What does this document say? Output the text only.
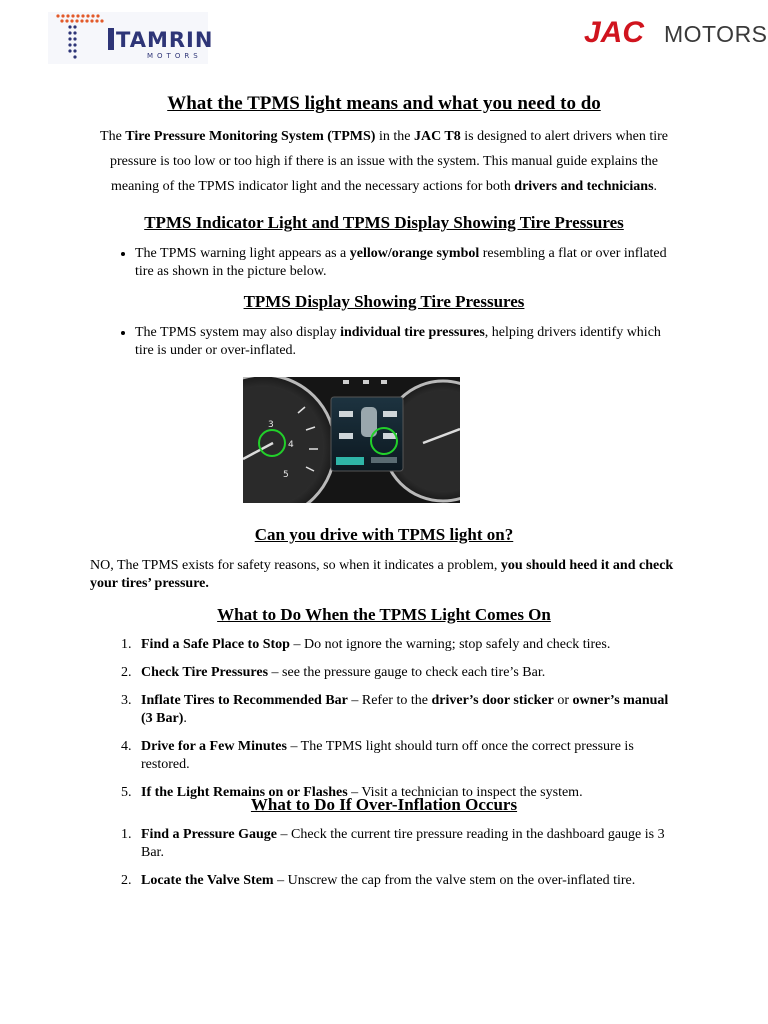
TAMRIN
MOTORS
JAC MOTORS
What the TPMS light means and what you need to do

The Tire Pressure Monitoring System (TPMS) in the JAC T8 is designed to alert drivers when tire pressure is too low or too high if there is an issue with the system. This manual guide explains the meaning of the TPMS indicator light and the necessary actions for both drivers and technicians.

TPMS Indicator Light and TPMS Display Showing Tire Pressures
• The TPMS warning light appears as a yellow/orange symbol resembling a flat or over inflated tire as shown in the picture below.
TPMS Display Showing Tire Pressures
• The TPMS system may also display individual tire pressures, helping drivers identify which tire is under or over-inflated.
3
4
5
Can you drive with TPMS light on?

NO, The TPMS exists for safety reasons, so when it indicates a problem, you should heed it and check your tires’ pressure.

What to Do When the TPMS Light Comes On
1. Find a Safe Place to Stop – Do not ignore the warning; stop safely and check tires.
2. Check Tire Pressures – see the pressure gauge to check each tire’s Bar.
3. Inflate Tires to Recommended Bar – Refer to the driver’s door sticker or owner’s manual (3 Bar).
4. Drive for a Few Minutes – The TPMS light should turn off once the correct pressure is restored.
5. If the Light Remains on or Flashes – Visit a technician to inspect the system.
What to Do If Over-Inflation Occurs
1. Find a Pressure Gauge – Check the current tire pressure reading in the dashboard gauge is 3 Bar.
2. Locate the Valve Stem – Unscrew the cap from the valve stem on the over-inflated tire.
